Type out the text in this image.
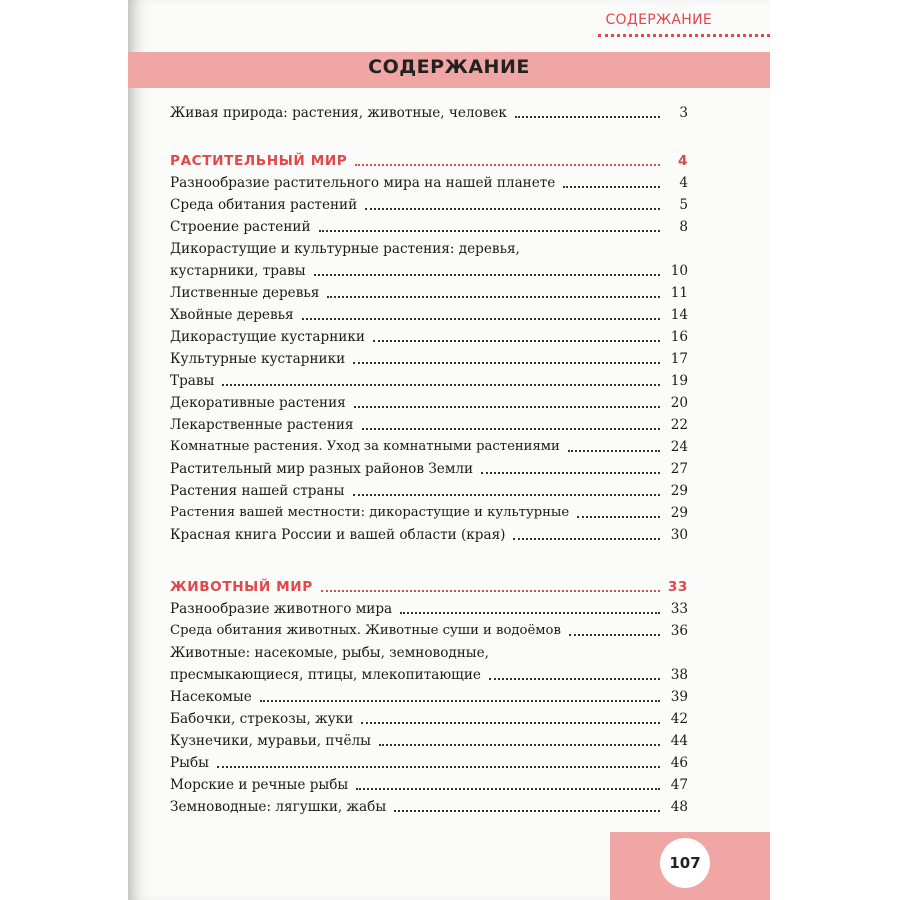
СОДЕРЖАНИЕ
СОДЕРЖАНИЕ
Живая природа: растения, животные, человек	3
РАСТИТЕЛЬНЫЙ МИР	4
Разнообразие растительного мира на нашей планете	4
Среда обитания растений	5
Строение растений	8
Дикорастущие и культурные растения: деревья,
кустарники, травы	10
Лиственные деревья	11
Хвойные деревья	14
Дикорастущие кустарники	16
Культурные кустарники	17
Травы	19
Декоративные растения	20
Лекарственные растения	22
Комнатные растения. Уход за комнатными растениями	24
Растительный мир разных районов Земли	27
Растения нашей страны	29
Растения вашей местности: дикорастущие и культурные	29
Красная книга России и вашей области (края)	30
ЖИВОТНЫЙ МИР	33
Разнообразие животного мира	33
Среда обитания животных. Животные суши и водоёмов	36
Животные: насекомые, рыбы, земноводные,
пресмыкающиеся, птицы, млекопитающие	38
Насекомые	39
Бабочки, стрекозы, жуки	42
Кузнечики, муравьи, пчёлы	44
Рыбы	46
Морские и речные рыбы	47
Земноводные: лягушки, жабы	48
107
